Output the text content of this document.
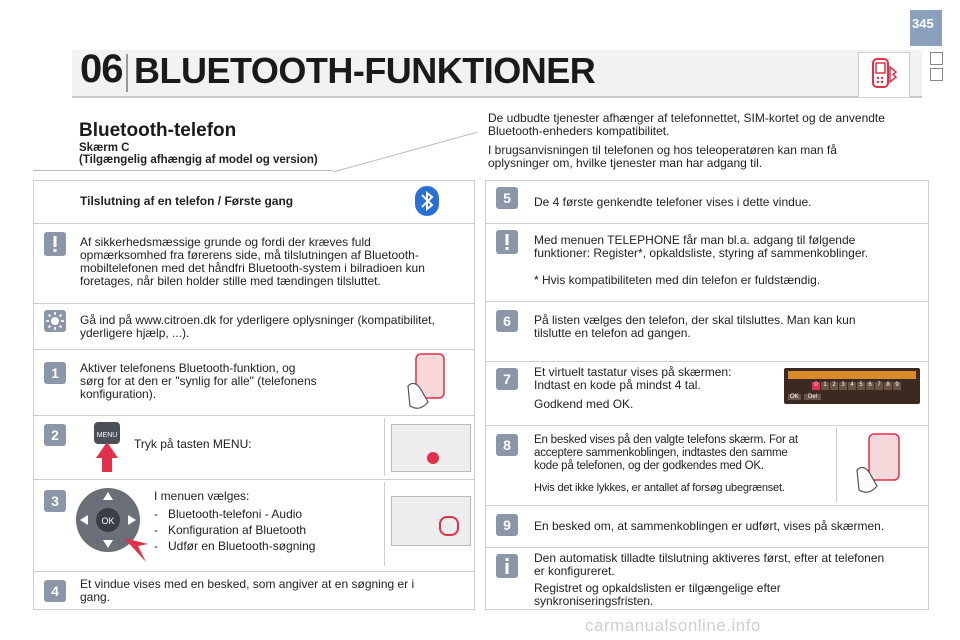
345
06 BLUETOOTH-FUNKTIONER
Bluetooth-telefon
Skærm C
(Tilgængelig afhængig af model og version)
Tilslutning af en telefon / Første gang
Af sikkerhedsmæssige grunde og fordi der kræves fuld
opmærksomhed fra førerens side, må tilslutningen af Bluetooth-
mobiltelefonen med det håndfri Bluetooth-system i bilradioen kun
foretages, når bilen holder stille med tændingen tilsluttet.
Gå ind på www.citroen.dk for yderligere oplysninger (kompatibilitet,
yderligere hjælp, ...).
1 Aktiver telefonens Bluetooth-funktion, og
sørg for at den er "synlig for alle" (telefonens
konfiguration).
2	MENU
Tryk på tasten MENU:
3
OK
I menuen vælges:
-   Bluetooth-telefoni - Audio
-   Konfiguration af Bluetooth
-   Udfør en Bluetooth-søgning
4 Et vindue vises med en besked, som angiver at en søgning er i
gang.
De udbudte tjenester afhænger af telefonnettet, SIM-kortet og de anvendte
Bluetooth-enheders kompatibilitet.
I brugsanvisningen til telefonen og hos teleoperatøren kan man få
oplysninger om, hvilke tjenester man har adgang til.
5 De 4 første genkendte telefoner vises i dette vindue.
Med menuen TELEPHONE får man bl.a. adgang til følgende
funktioner: Register*, opkaldsliste, styring af sammenkoblinger.
* Hvis kompatibiliteten med din telefon er fuldstændig.
6 På listen vælges den telefon, der skal tilsluttes. Man kan kun
tilslutte en telefon ad gangen.
7 Et virtuelt tastatur vises på skærmen:
Indtast en kode på mindst 4 tal.
Godkend med OK.
0 1 2 3 4 5 6 7 8 9
OK	Del
8 En besked vises på den valgte telefons skærm. For at
acceptere sammenkoblingen, indtastes den samme
kode på telefonen, og der godkendes med OK.
Hvis det ikke lykkes, er antallet af forsøg ubegrænset.
9 En besked om, at sammenkoblingen er udført, vises på skærmen.
Den automatisk tilladte tilslutning aktiveres først, efter at telefonen
er konfigureret.
Registret og opkaldslisten er tilgængelige efter
synkroniseringsfristen.
carmanualsonline.info
